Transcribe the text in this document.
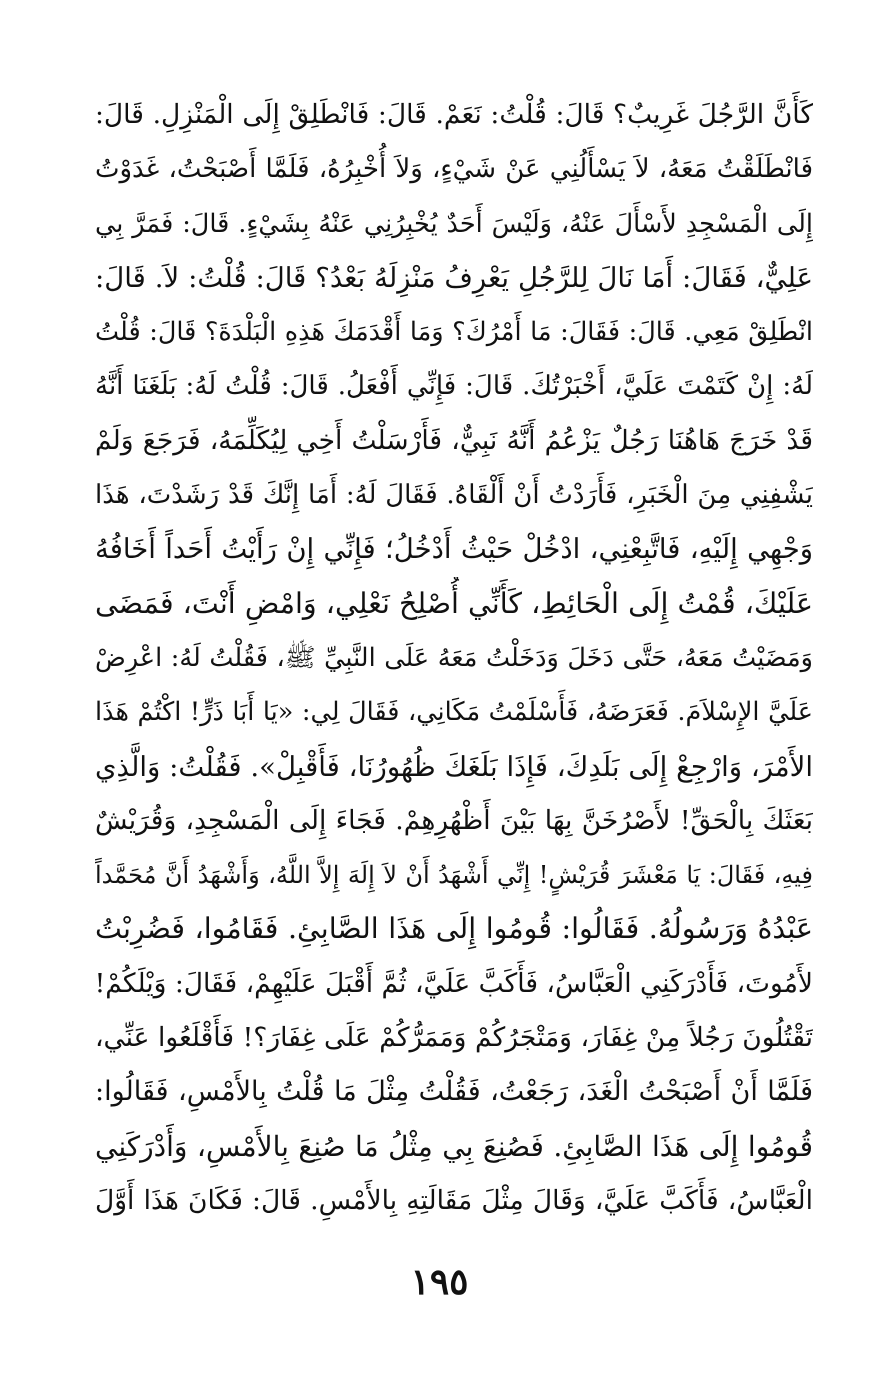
كَأَنَّ الرَّجُلَ غَرِيبٌ؟ قَالَ: قُلْتُ: نَعَمْ. قَالَ: فَانْطَلِقْ إِلَى الْمَنْزِلِ. قَالَ:
فَانْطَلَقْتُ مَعَهُ، لاَ يَسْأَلُنِي عَنْ شَيْءٍ، وَلاَ أُخْبِرُهُ، فَلَمَّا أَصْبَحْتُ، غَدَوْتُ
إِلَى الْمَسْجِدِ لأَسْأَلَ عَنْهُ، وَلَيْسَ أَحَدٌ يُخْبِرُنِي عَنْهُ بِشَيْءٍ. قَالَ: فَمَرَّ بِي
عَلِيٌّ، فَقَالَ: أَمَا نَالَ لِلرَّجُلِ يَعْرِفُ مَنْزِلَهُ بَعْدُ؟ قَالَ: قُلْتُ: لاَ. قَالَ:
انْطَلِقْ مَعِي. قَالَ: فَقَالَ: مَا أَمْرُكَ؟ وَمَا أَقْدَمَكَ هَذِهِ الْبَلْدَةَ؟ قَالَ: قُلْتُ
لَهُ: إِنْ كَتَمْتَ عَلَيَّ، أَخْبَرْتُكَ. قَالَ: فَإِنِّي أَفْعَلُ. قَالَ: قُلْتُ لَهُ: بَلَغَنَا أَنَّهُ
قَدْ خَرَجَ هَاهُنَا رَجُلٌ يَزْعُمُ أَنَّهُ نَبِيٌّ، فَأَرْسَلْتُ أَخِي لِيُكَلِّمَهُ، فَرَجَعَ وَلَمْ
يَشْفِنِي مِنَ الْخَبَرِ، فَأَرَدْتُ أَنْ أَلْقَاهُ. فَقَالَ لَهُ: أَمَا إِنَّكَ قَدْ رَشَدْتَ، هَذَا
وَجْهِي إِلَيْهِ، فَاتَّبِعْنِي، ادْخُلْ حَيْثُ أَدْخُلُ؛ فَإِنِّي إِنْ رَأَيْتُ أَحَداً أَخَافُهُ
عَلَيْكَ، قُمْتُ إِلَى الْحَائِطِ، كَأَنِّي أُصْلِحُ نَعْلِي، وَامْضِ أَنْتَ، فَمَضَى
وَمَضَيْتُ مَعَهُ، حَتَّى دَخَلَ وَدَخَلْتُ مَعَهُ عَلَى النَّبِيِّ ﷺ، فَقُلْتُ لَهُ: اعْرِضْ
عَلَيَّ الإِسْلاَمَ. فَعَرَضَهُ، فَأَسْلَمْتُ مَكَانِي، فَقَالَ لِي: «يَا أَبَا ذَرٍّ! اكْتُمْ هَذَا
الأَمْرَ، وَارْجِعْ إِلَى بَلَدِكَ، فَإِذَا بَلَغَكَ ظُهُورُنَا، فَأَقْبِلْ». فَقُلْتُ: وَالَّذِي
بَعَثَكَ بِالْحَقِّ! لأَصْرُخَنَّ بِهَا بَيْنَ أَظْهُرِهِمْ. فَجَاءَ إِلَى الْمَسْجِدِ، وَقُرَيْشٌ
فِيهِ، فَقَالَ: يَا مَعْشَرَ قُرَيْشٍ! إِنِّي أَشْهَدُ أَنْ لاَ إِلَهَ إِلاَّ اللَّهُ، وَأَشْهَدُ أَنَّ مُحَمَّداً
عَبْدُهُ وَرَسُولُهُ. فَقَالُوا: قُومُوا إِلَى هَذَا الصَّابِئِ. فَقَامُوا، فَضُرِبْتُ
لأَمُوتَ، فَأَدْرَكَنِي الْعَبَّاسُ، فَأَكَبَّ عَلَيَّ، ثُمَّ أَقْبَلَ عَلَيْهِمْ، فَقَالَ: وَيْلَكُمْ!
تَقْتُلُونَ رَجُلاً مِنْ غِفَارَ، وَمَتْجَرُكُمْ وَمَمَرُّكُمْ عَلَى غِفَارَ؟! فَأَقْلَعُوا عَنِّي،
فَلَمَّا أَنْ أَصْبَحْتُ الْغَدَ، رَجَعْتُ، فَقُلْتُ مِثْلَ مَا قُلْتُ بِالأَمْسِ، فَقَالُوا:
قُومُوا إِلَى هَذَا الصَّابِئِ. فَصُنِعَ بِي مِثْلُ مَا صُنِعَ بِالأَمْسِ، وَأَدْرَكَنِي
الْعَبَّاسُ، فَأَكَبَّ عَلَيَّ، وَقَالَ مِثْلَ مَقَالَتِهِ بِالأَمْسِ. قَالَ: فَكَانَ هَذَا أَوَّلَ
١٩٥
